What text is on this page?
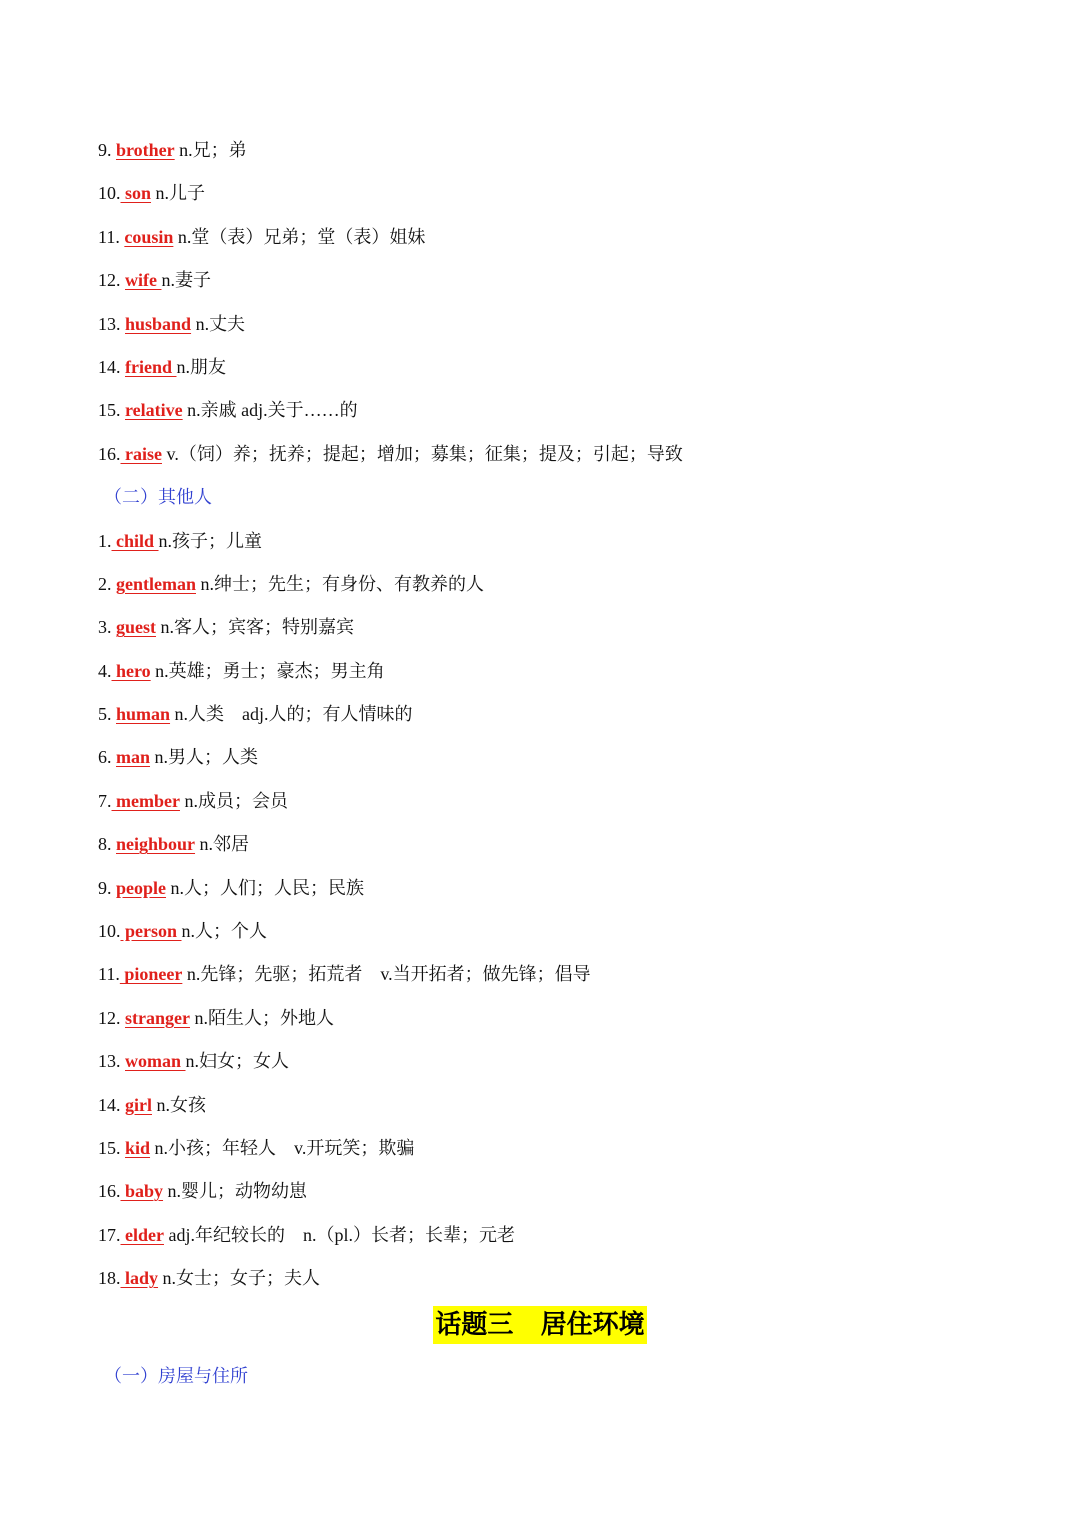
9. brother n.兄；弟
10. son n.儿子
11. cousin n.堂（表）兄弟；堂（表）姐妹
12. wife n.妻子
13. husband n.丈夫
14. friend n.朋友
15. relative n.亲戚 adj.关于……的
16. raise v.（饲）养；抚养；提起；增加；募集；征集；提及；引起；导致
（二）其他人
1. child n.孩子；儿童
2. gentleman n.绅士；先生；有身份、有教养的人
3. guest n.客人；宾客；特别嘉宾
4. hero n.英雄；勇士；豪杰；男主角
5. human n.人类    adj.人的；有人情味的
6. man n.男人；人类
7. member n.成员；会员
8. neighbour n.邻居
9. people n.人；人们；人民；民族
10. person n.人；个人
11. pioneer n.先锋；先驱；拓荒者    v.当开拓者；做先锋；倡导
12. stranger n.陌生人；外地人
13. woman n.妇女；女人
14. girl n.女孩
15. kid n.小孩；年轻人    v.开玩笑；欺骗
16. baby n.婴儿；动物幼崽
17. elder adj.年纪较长的    n.（pl.）长者；长辈；元老
18. lady n.女士；女子；夫人
话题三   居住环境
（一）房屋与住所
